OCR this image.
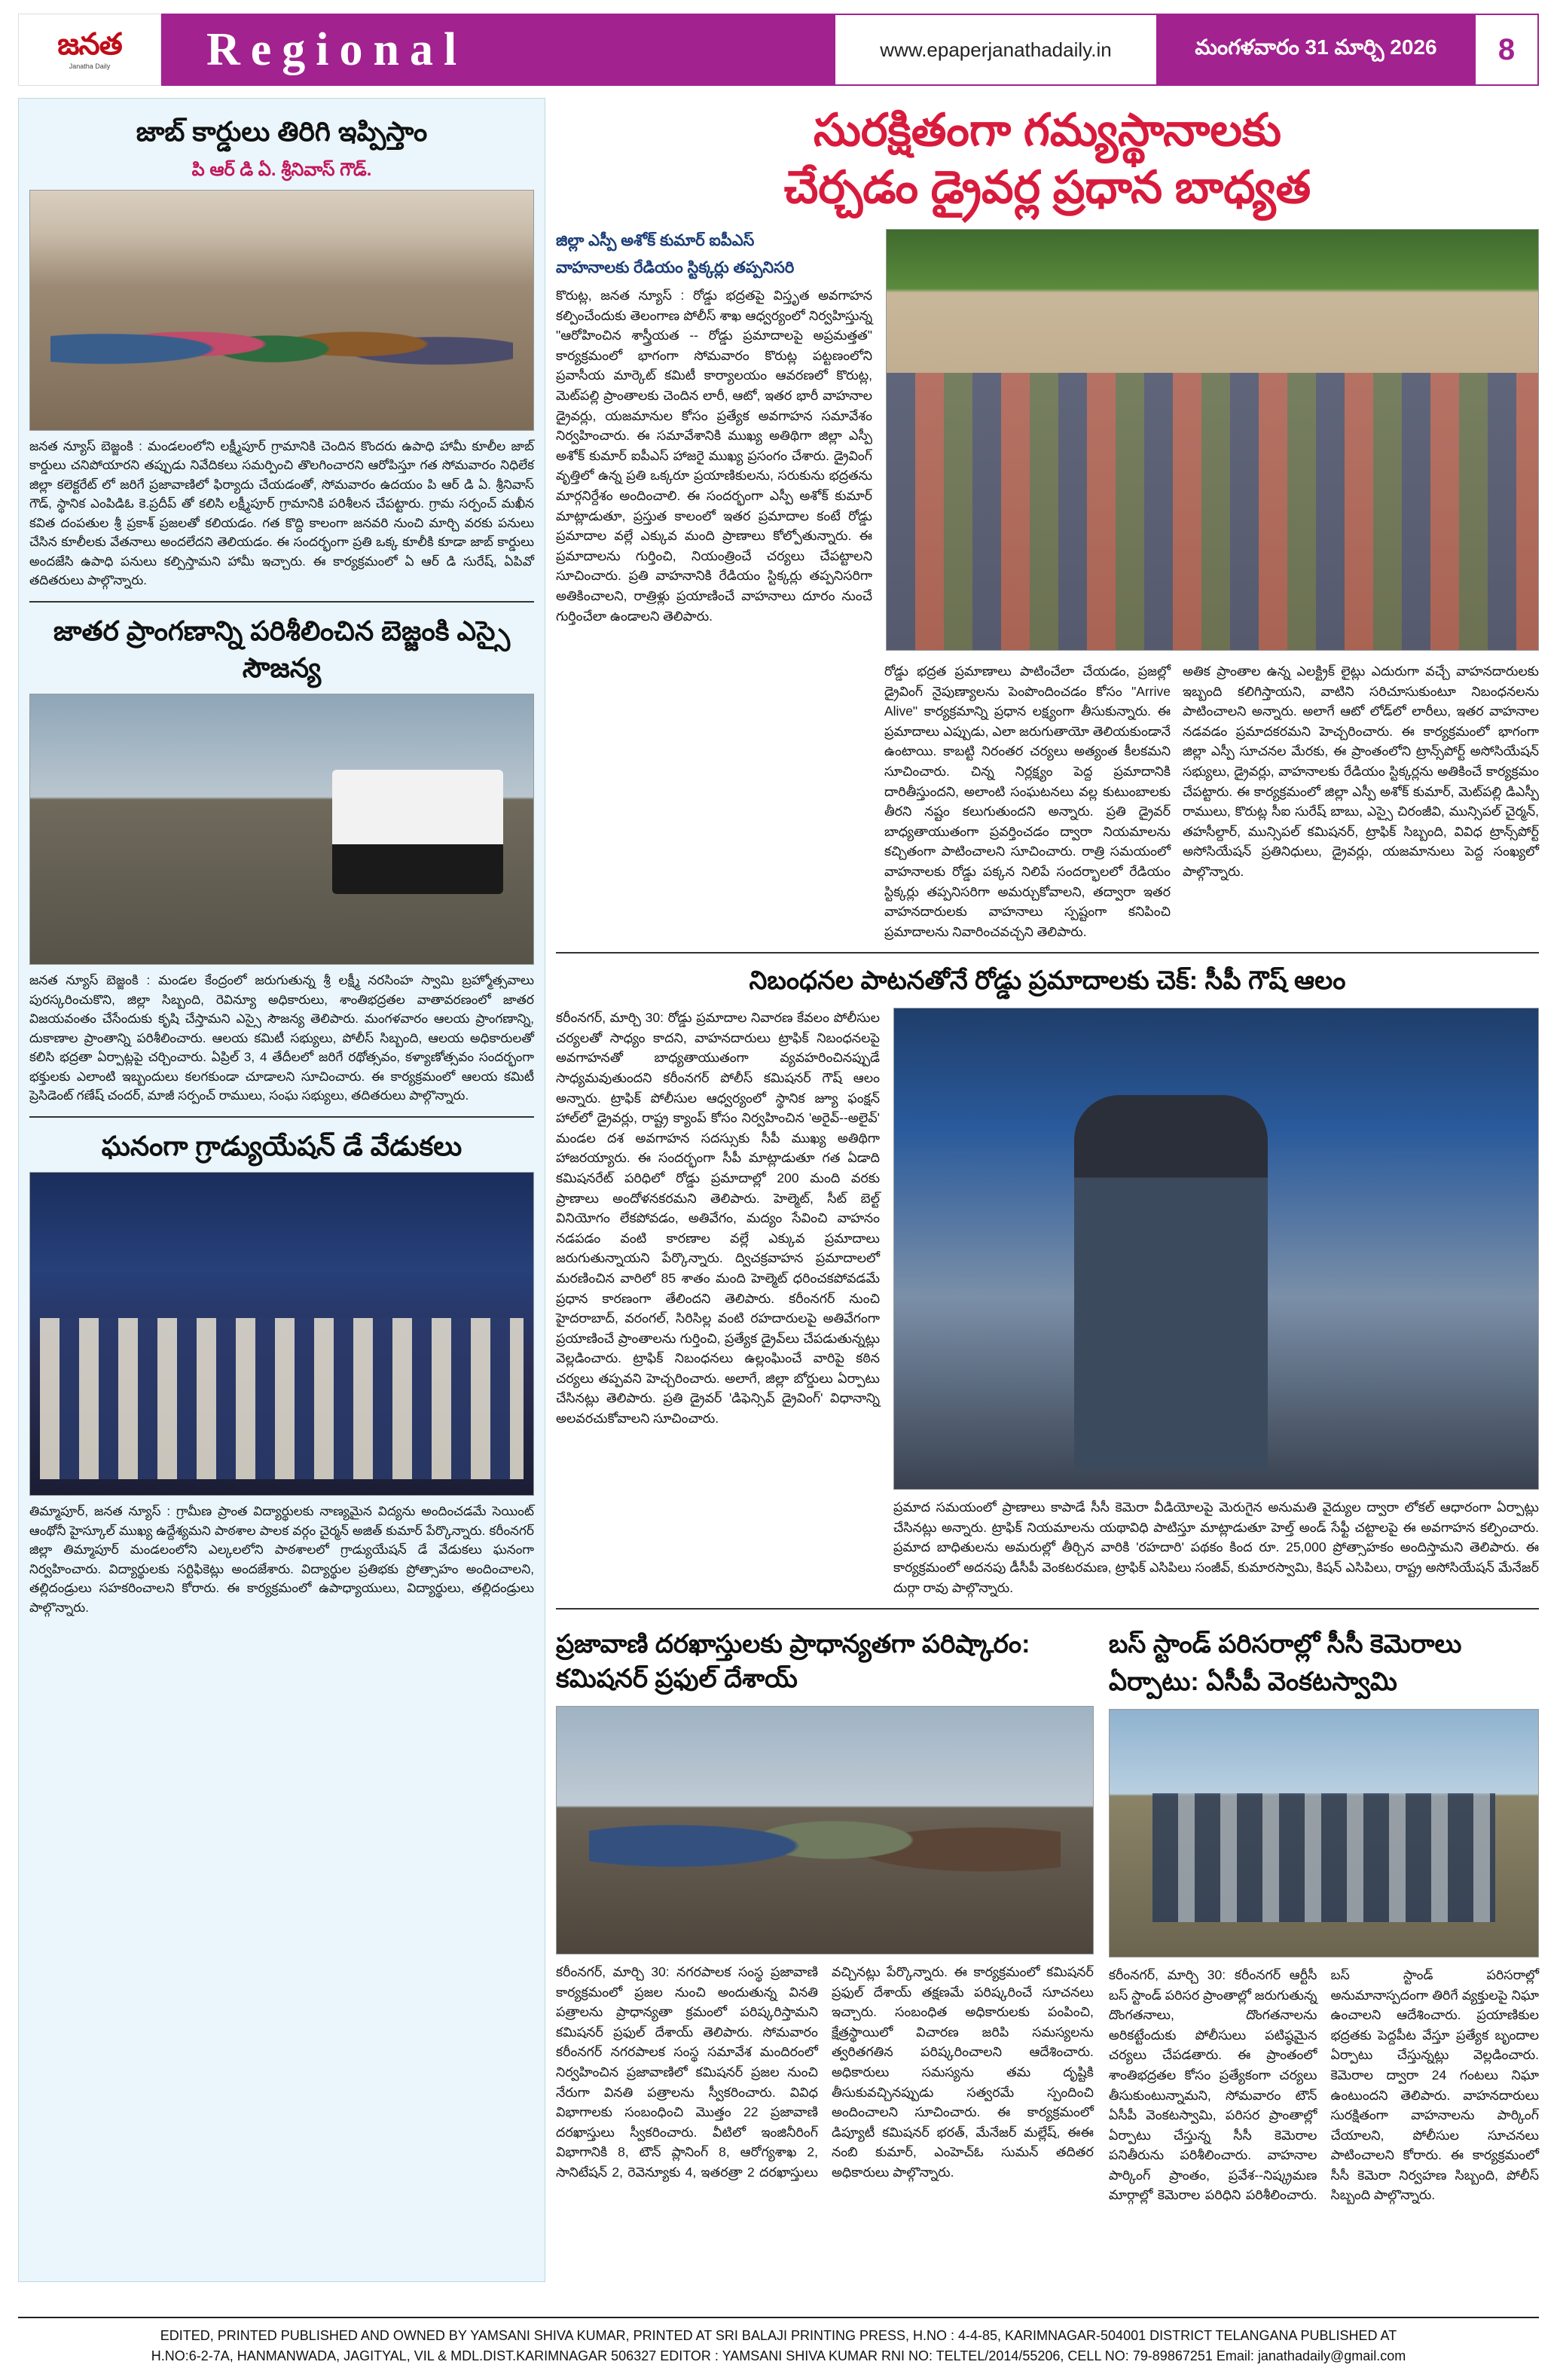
జనత
Janatha Daily Regional	www.epaperjanathadaily.in	మంగళవారం 31 మార్చి 2026	8
జాబ్ కార్డులు తిరిగి ఇప్పిస్తాం
పి ఆర్ డి ఏ. శ్రీనివాస్ గౌడ్.
జనత న్యూస్ బెజ్జంకి : మండలంలోని లక్ష్మీపూర్ గ్రామానికి చెందిన కొందరు ఉపాధి హామీ కూలీల జాబ్ కార్డులు చనిపోయారని తప్పుడు నివేదికలు సమర్పించి తొలగించారని ఆరోపిస్తూ గత సోమవారం నిధిలేక జిల్లా కలెక్టరేట్ లో జరిగే ప్రజావాణిలో ఫిర్యాదు చేయడంతో, సోమవారం ఉదయం పి ఆర్ డి ఏ. శ్రీనివాస్ గౌడ్, స్థానిక ఎంపిడిఓ కె.ప్రదీప్ తో కలిసి లక్ష్మీపూర్ గ్రామానికి పరిశీలన చేపట్టారు. గ్రామ సర్పంచ్ మఖీన కవిత దంపతుల శ్రీ ప్రకాశ్ ప్రజలతో కలియడం. గత కొద్ది కాలంగా జనవరి నుంచి మార్చి వరకు పనులు చేసిన కూలీలకు వేతనాలు అందలేదని తెలియడం. ఈ సందర్భంగా ప్రతి ఒక్క కూలీకి కూడా జాబ్ కార్డులు అందజేసి ఉపాధి పనులు కల్పిస్తామని హామీ ఇచ్చారు. ఈ కార్యక్రమంలో ఏ ఆర్ డి సురేష్, ఏపివో తదితరులు పాల్గొన్నారు.
జాతర ప్రాంగణాన్ని పరిశీలించిన బెజ్జంకి ఎస్సై సౌజన్య
జనత న్యూస్ బెజ్జంకి : మండల కేంద్రంలో జరుగుతున్న శ్రీ లక్ష్మీ నరసింహ స్వామి బ్రహ్మోత్సవాలు పురస్కరించుకొని, జిల్లా సిబ్బంది, రెవిన్యూ అధికారులు, శాంతిభద్రతల వాతావరణంలో జాతర విజయవంతం చేసేందుకు కృషి చేస్తామని ఎస్సై సౌజన్య తెలిపారు. మంగళవారం ఆలయ ప్రాంగణాన్ని, దుకాణాల ప్రాంతాన్ని పరిశీలించారు. ఆలయ కమిటీ సభ్యులు, పోలీస్ సిబ్బంది, ఆలయ అధికారులతో కలిసి భద్రతా ఏర్పాట్లపై చర్చించారు. ఏప్రిల్ 3, 4 తేదీలలో జరిగే రథోత్సవం, కళ్యాణోత్సవం సందర్భంగా భక్తులకు ఎలాంటి ఇబ్బందులు కలగకుండా చూడాలని సూచించారు. ఈ కార్యక్రమంలో ఆలయ కమిటీ ప్రెసిడెంట్ గణేష్ చందర్, మాజీ సర్పంచ్ రాములు, సంఘ సభ్యులు, తదితరులు పాల్గొన్నారు.
ఘనంగా గ్రాడ్యుయేషన్ డే వేడుకలు
తిమ్మాపూర్, జనత న్యూస్ : గ్రామీణ ప్రాంత విద్యార్థులకు నాణ్యమైన విద్యను అందించడమే సెయింట్ ఆంథోనీ హైస్కూల్ ముఖ్య ఉద్దేశ్యమని పాఠశాల పాలక వర్గం చైర్మన్ అజిత్ కుమార్ పేర్కొన్నారు. కరీంనగర్ జిల్లా తిమ్మాపూర్ మండలంలోని ఎల్కలలోని పాఠశాలలో గ్రాడ్యుయేషన్ డే వేడుకలు ఘనంగా నిర్వహించారు. విద్యార్థులకు సర్టిఫికెట్లు అందజేశారు. విద్యార్థుల ప్రతిభకు ప్రోత్సాహం అందించాలని, తల్లిదండ్రులు సహకరించాలని కోరారు. ఈ కార్యక్రమంలో ఉపాధ్యాయులు, విద్యార్థులు, తల్లిదండ్రులు పాల్గొన్నారు.
సురక్షితంగా గమ్యస్థానాలకు
చేర్చడం డ్రైవర్ల ప్రధాన బాధ్యత
జిల్లా ఎస్పీ అశోక్ కుమార్ ఐపీఎస్
వాహనాలకు రేడియం స్టిక్కర్లు తప్పనిసరి
కొరుట్ల, జనత న్యూస్ : రోడ్డు భద్రతపై విస్తృత అవగాహన కల్పించేందుకు తెలంగాణ పోలీస్ శాఖ ఆధ్వర్యంలో నిర్వహిస్తున్న "ఆరోహించిన శాస్త్రీయత -- రోడ్డు ప్రమాదాలపై అప్రమత్తత" కార్యక్రమంలో భాగంగా సోమవారం కొరుట్ల పట్టణంలోని ప్రవాసీయ మార్కెట్ కమిటీ కార్యాలయం ఆవరణలో కొరుట్ల, మెట్‌పల్లి ప్రాంతాలకు చెందిన లారీ, ఆటో, ఇతర భారీ వాహనాల డ్రైవర్లు, యజమానుల కోసం ప్రత్యేక అవగాహన సమావేశం నిర్వహించారు. ఈ సమావేశానికి ముఖ్య అతిథిగా జిల్లా ఎస్పీ అశోక్ కుమార్ ఐపీఎస్ హాజరై ముఖ్య ప్రసంగం చేశారు. డ్రైవింగ్ వృత్తిలో ఉన్న ప్రతి ఒక్కరూ ప్రయాణికులను, సరుకును భద్రతను మార్గనిర్దేశం అందించాలి. ఈ సందర్భంగా ఎస్పీ అశోక్ కుమార్ మాట్లాడుతూ, ప్రస్తుత కాలంలో ఇతర ప్రమాదాల కంటే రోడ్డు ప్రమాదాల వల్లే ఎక్కువ మంది ప్రాణాలు కోల్పోతున్నారు. ఈ ప్రమాదాలను గుర్తించి, నియంత్రించే చర్యలు చేపట్టాలని సూచించారు. ప్రతి వాహనానికి రేడియం స్టిక్కర్లు తప్పనిసరిగా అతికించాలని, రాత్రిళ్లు ప్రయాణించే వాహనాలు దూరం నుంచే గుర్తించేలా ఉండాలని తెలిపారు.

రోడ్డు భద్రత ప్రమాణాలు పాటించేలా చేయడం, ప్రజల్లో డ్రైవింగ్ నైపుణ్యాలను పెంపొందించడం కోసం "Arrive Alive" కార్యక్రమాన్ని ప్రధాన లక్ష్యంగా తీసుకున్నారు. ఈ ప్రమాదాలు ఎప్పుడు, ఎలా జరుగుతాయో తెలియకుండానే ఉంటాయి. కాబట్టి నిరంతర చర్యలు అత్యంత కీలకమని సూచించారు. చిన్న నిర్లక్ష్యం పెద్ద ప్రమాదానికి దారితీస్తుందని, అలాంటి సంఘటనలు వల్ల కుటుంబాలకు తీరని నష్టం కలుగుతుందని అన్నారు. ప్రతి డ్రైవర్ బాధ్యతాయుతంగా ప్రవర్తించడం ద్వారా నియమాలను కచ్చితంగా పాటించాలని సూచించారు. రాత్రి సమయంలో వాహనాలకు రోడ్డు పక్కన నిలిపే సందర్భాలలో రేడియం స్టిక్కర్లు తప్పనిసరిగా అమర్చుకోవాలని, తద్వారా ఇతర వాహనదారులకు వాహనాలు స్పష్టంగా కనిపించి ప్రమాదాలను నివారించవచ్చని తెలిపారు.
అతిక ప్రాంతాల ఉన్న ఎలక్ట్రిక్ లైట్లు ఎదురుగా వచ్చే వాహనదారులకు ఇబ్బంది కలిగిస్తాయని, వాటిని సరిచూసుకుంటూ నిబంధనలను పాటించాలని అన్నారు. అలాగే ఆటో లోడ్‌లో లారీలు, ఇతర వాహనాల నడవడం ప్రమాదకరమని హెచ్చరించారు. ఈ కార్యక్రమంలో భాగంగా జిల్లా ఎస్పీ సూచనల మేరకు, ఈ ప్రాంతంలోని ట్రాన్స్‌పోర్ట్ అసోసియేషన్ సభ్యులు, డ్రైవర్లు, వాహనాలకు రేడియం స్టిక్కర్లను అతికించే కార్యక్రమం చేపట్టారు. ఈ కార్యక్రమంలో జిల్లా ఎస్పీ అశోక్ కుమార్, మెట్‌పల్లి డిఎస్పీ రాములు, కొరుట్ల సీఐ సురేష్ బాబు, ఎస్సై చిరంజీవి, మున్సిపల్ చైర్మన్, తహసీల్దార్, మున్సిపల్ కమిషనర్, ట్రాఫిక్ సిబ్బంది, వివిధ ట్రాన్స్‌పోర్ట్ అసోసియేషన్ ప్రతినిధులు, డ్రైవర్లు, యజమానులు పెద్ద సంఖ్యలో పాల్గొన్నారు.
నిబంధనల పాటనతోనే రోడ్డు ప్రమాదాలకు చెక్: సీపీ గౌష్ ఆలం
కరీంనగర్, మార్చి 30: రోడ్డు ప్రమాదాల నివారణ కేవలం పోలీసుల చర్యలతో సాధ్యం కాదని, వాహనదారులు ట్రాఫిక్ నిబంధనలపై అవగాహనతో బాధ్యతాయుతంగా వ్యవహరించినప్పుడే సాధ్యమవుతుందని కరీంనగర్ పోలీస్ కమిషనర్ గౌష్ ఆలం అన్నారు. ట్రాఫిక్ పోలీసుల ఆధ్వర్యంలో స్థానిక జ్యూ ఫంక్షన్ హాల్‌లో డ్రైవర్లు, రాష్ట్ర క్యాంప్ కోసం నిర్వహించిన 'అరైవ్--అలైవ్' మండల దశ అవగాహన సదస్సుకు సీపీ ముఖ్య అతిథిగా హాజరయ్యారు. ఈ సందర్భంగా సీపీ మాట్లాడుతూ గత ఏడాది కమిషనరేట్ పరిధిలో రోడ్డు ప్రమాదాల్లో 200 మంది వరకు ప్రాణాలు అందోళనకరమని తెలిపారు. హెల్మెట్, సీట్ బెల్ట్ వినియోగం లేకపోవడం, అతివేగం, మద్యం సేవించి వాహనం నడపడం వంటి కారణాల వల్లే ఎక్కువ ప్రమాదాలు జరుగుతున్నాయని పేర్కొన్నారు. ద్విచక్రవాహన ప్రమాదాలలో మరణించిన వారిలో 85 శాతం మంది హెల్మెట్ ధరించకపోవడమే ప్రధాన కారణంగా తేలిందని తెలిపారు. కరీంనగర్ నుంచి హైదరాబాద్, వరంగల్, సిరిసిల్ల వంటి రహదారులపై అతివేగంగా ప్రయాణించే ప్రాంతాలను గుర్తించి, ప్రత్యేక డ్రైవ్‌లు చేపడుతున్నట్లు వెల్లడించారు. ట్రాఫిక్ నిబంధనలు ఉల్లంఘించే వారిపై కఠిన చర్యలు తప్పవని హెచ్చరించారు. అలాగే, జిల్లా బోర్డులు ఏర్పాటు చేసినట్లు తెలిపారు. ప్రతి డ్రైవర్ 'డిఫెన్సివ్ డ్రైవింగ్' విధానాన్ని అలవరచుకోవాలని సూచించారు.
ప్రమాద సమయంలో ప్రాణాలు కాపాడే సీసీ కెమెరా వీడియోలపై మెరుగైన అనుమతి వైద్యుల ద్వారా లోకల్ ఆధారంగా ఏర్పాట్లు చేసినట్లు అన్నారు. ట్రాఫిక్ నియమాలను యథావిధి పాటిస్తూ మాట్లాడుతూ హెల్త్ అండ్ సేఫ్టీ చట్టాలపై ఈ అవగాహన కల్పించారు. ప్రమాద బాధితులను అమరుల్లో తీర్చిన వారికి 'రహదారి' పథకం కింద రూ. 25,000 ప్రోత్సాహకం అందిస్తామని తెలిపారు. ఈ కార్యక్రమంలో అదనపు డీసీపీ వెంకటరమణ, ట్రాఫిక్ ఎసిపిలు సంజీవ్, కుమారస్వామి, కిషన్ ఎసిపిలు, రాష్ట్ర అసోసియేషన్ మేనేజర్ దుర్గా రావు పాల్గొన్నారు.
ప్రజావాణి దరఖాస్తులకు ప్రాధాన్యతగా పరిష్కారం: కమిషనర్ ప్రఫుల్ దేశాయ్
కరీంనగర్, మార్చి 30: నగరపాలక సంస్థ ప్రజావాణి కార్యక్రమంలో ప్రజల నుంచి అందుతున్న వినతి పత్రాలను ప్రాధాన్యతా క్రమంలో పరిష్కరిస్తామని కమిషనర్ ప్రఫుల్ దేశాయ్ తెలిపారు. సోమవారం కరీంనగర్ నగరపాలక సంస్థ సమావేశ మందిరంలో నిర్వహించిన ప్రజావాణిలో కమిషనర్ ప్రజల నుంచి నేరుగా వినతి పత్రాలను స్వీకరించారు. వివిధ విభాగాలకు సంబంధించి మొత్తం 22 ప్రజావాణి దరఖాస్తులు స్వీకరించారు. వీటిలో ఇంజినీరింగ్ విభాగానికి 8, టౌన్ ప్లానింగ్ 8, ఆరోగ్యశాఖ 2, సానిటేషన్ 2, రెవెన్యూకు 4, ఇతరత్రా 2 దరఖాస్తులు వచ్చినట్లు పేర్కొన్నారు. ఈ కార్యక్రమంలో కమిషనర్ ప్రఫుల్ దేశాయ్ తక్షణమే పరిష్కరించే సూచనలు ఇచ్చారు. సంబంధిత అధికారులకు పంపించి, క్షేత్రస్థాయిలో విచారణ జరిపి సమస్యలను త్వరితగతిన పరిష్కరించాలని ఆదేశించారు. అధికారులు సమస్యను తమ దృష్టికి తీసుకువచ్చినప్పుడు సత్వరమే స్పందించి అందించాలని సూచించారు. ఈ కార్యక్రమంలో డిప్యూటీ కమిషనర్ భరత్, మేనేజర్ మల్లేష్, ఈఈ నంబి కుమార్, ఎంహెచ్ఓ సుమన్ తదితర అధికారులు పాల్గొన్నారు.
బస్ స్టాండ్ పరిసరాల్లో సీసీ కెమెరాలు
ఏర్పాటు: ఏసీపీ వెంకటస్వామి
కరీంనగర్, మార్చి 30: కరీంనగర్ ఆర్టీసీ బస్ స్టాండ్ పరిసర ప్రాంతాల్లో జరుగుతున్న దొంగతనాలు, దొంగతనాలను అరికట్టేందుకు పోలీసులు పటిష్ఠమైన చర్యలు చేపడతారు. ఈ ప్రాంతంలో శాంతిభద్రతల కోసం ప్రత్యేకంగా చర్యలు తీసుకుంటున్నామని, సోమవారం టౌన్ ఏసీపీ వెంకటస్వామి, పరిసర ప్రాంతాల్లో ఏర్పాటు చేస్తున్న సీసీ కెమెరాల పనితీరును పరిశీలించారు. వాహనాల పార్కింగ్ ప్రాంతం, ప్రవేశ--నిష్క్రమణ మార్గాల్లో కెమెరాల పరిధిని పరిశీలించారు. బస్ స్టాండ్ పరిసరాల్లో అనుమానాస్పదంగా తిరిగే వ్యక్తులపై నిఘా ఉంచాలని ఆదేశించారు. ప్రయాణికుల భద్రతకు పెద్దపీట వేస్తూ ప్రత్యేక బృందాల ఏర్పాటు చేస్తున్నట్లు వెల్లడించారు. కెమెరాల ద్వారా 24 గంటలు నిఘా ఉంటుందని తెలిపారు. వాహనదారులు సురక్షితంగా వాహనాలను పార్కింగ్ చేయాలని, పోలీసుల సూచనలు పాటించాలని కోరారు. ఈ కార్యక్రమంలో సీసీ కెమెరా నిర్వహణ సిబ్బంది, పోలీస్ సిబ్బంది పాల్గొన్నారు.
EDITED, PRINTED PUBLISHED AND OWNED BY YAMSANI SHIVA KUMAR, PRINTED AT SRI BALAJI PRINTING PRESS, H.NO : 4-4-85, KARIMNAGAR-504001 DISTRICT TELANGANA PUBLISHED AT
H.NO:6-2-7A, HANMANWADA, JAGITYAL, VIL & MDL.DIST.KARIMNAGAR 506327 EDITOR : YAMSANI SHIVA KUMAR RNI NO: TELTEL/2014/55206, CELL NO: 79-89867251 Email: janathadaily@gmail.com
